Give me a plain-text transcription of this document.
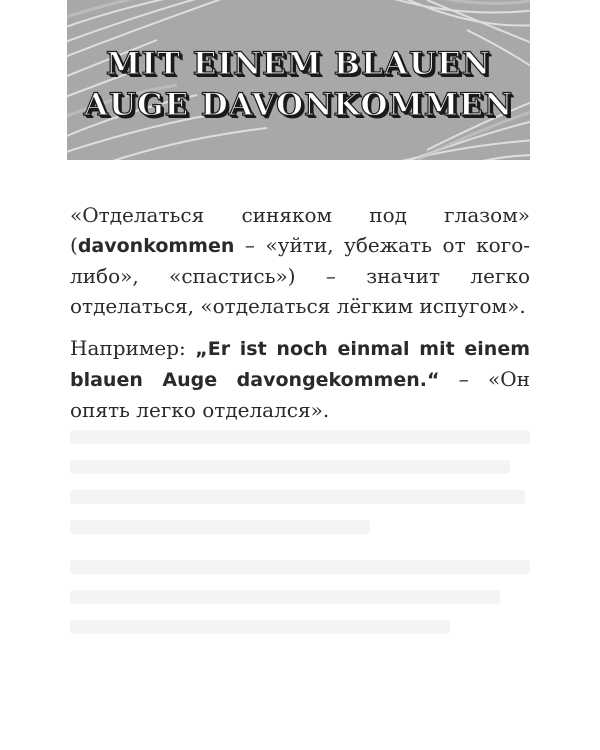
MIT EINEM BLAUEN
AUGE DAVONKOMMEN

«Отделаться синяком под глазом» (davonkommen – «уйти, убежать от кого-либо», «спастись») – значит легко отделаться, «отделаться лёгким испугом».

Например: „Er ist noch einmal mit einem blauen Auge davongekommen.“ – «Он опять легко отделался».
